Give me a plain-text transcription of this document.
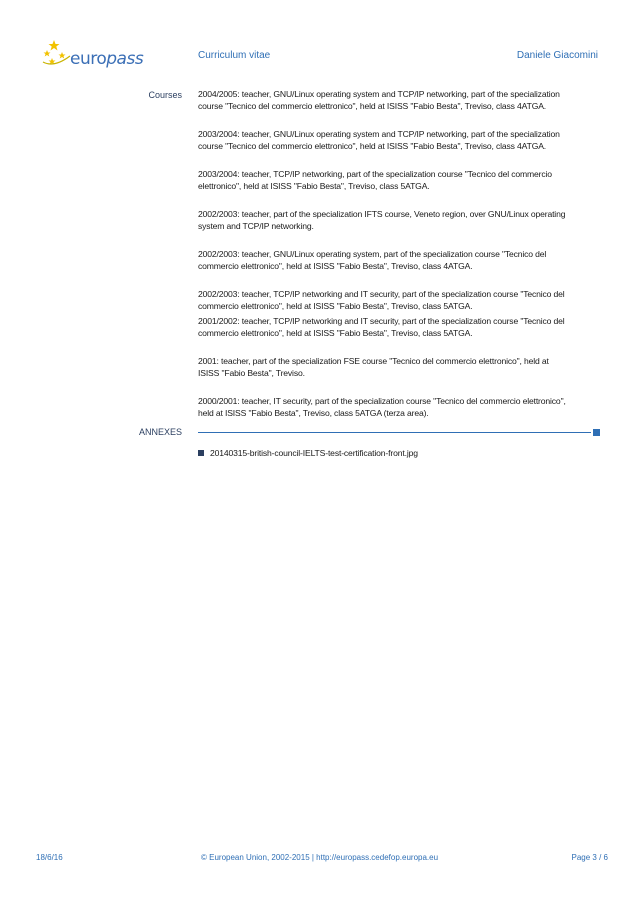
europass	Curriculum vitae	Daniele Giacomini
Courses 2004/2005: teacher, GNU/Linux operating system and TCP/IP networking, part of the specialization
course "Tecnico del commercio elettronico", held at ISISS "Fabio Besta", Treviso, class 4ATGA.
2003/2004: teacher, GNU/Linux operating system and TCP/IP networking, part of the specialization
course "Tecnico del commercio elettronico", held at ISISS "Fabio Besta", Treviso, class 4ATGA.
2003/2004: teacher, TCP/IP networking, part of the specialization course "Tecnico del commercio
elettronico", held at ISISS "Fabio Besta", Treviso, class 5ATGA.
2002/2003: teacher, part of the specialization IFTS course, Veneto region, over GNU/Linux operating
system and TCP/IP networking.
2002/2003: teacher, GNU/Linux operating system, part of the specialization course "Tecnico del
commercio elettronico", held at ISISS "Fabio Besta", Treviso, class 4ATGA.
2002/2003: teacher, TCP/IP networking and IT security, part of the specialization course "Tecnico del
commercio elettronico", held at ISISS "Fabio Besta", Treviso, class 5ATGA.
2001/2002: teacher, TCP/IP networking and IT security, part of the specialization course "Tecnico del
commercio elettronico", held at ISISS "Fabio Besta", Treviso, class 5ATGA.
2001: teacher, part of the specialization FSE course "Tecnico del commercio elettronico", held at
ISISS "Fabio Besta", Treviso.
2000/2001: teacher, IT security, part of the specialization course "Tecnico del commercio elettronico",
held at ISISS "Fabio Besta", Treviso, class 5ATGA (terza area).
ANNEXES
20140315-british-council-IELTS-test-certification-front.jpg
18/6/16	© European Union, 2002-2015 | http://europass.cedefop.europa.eu	Page 3 / 6
